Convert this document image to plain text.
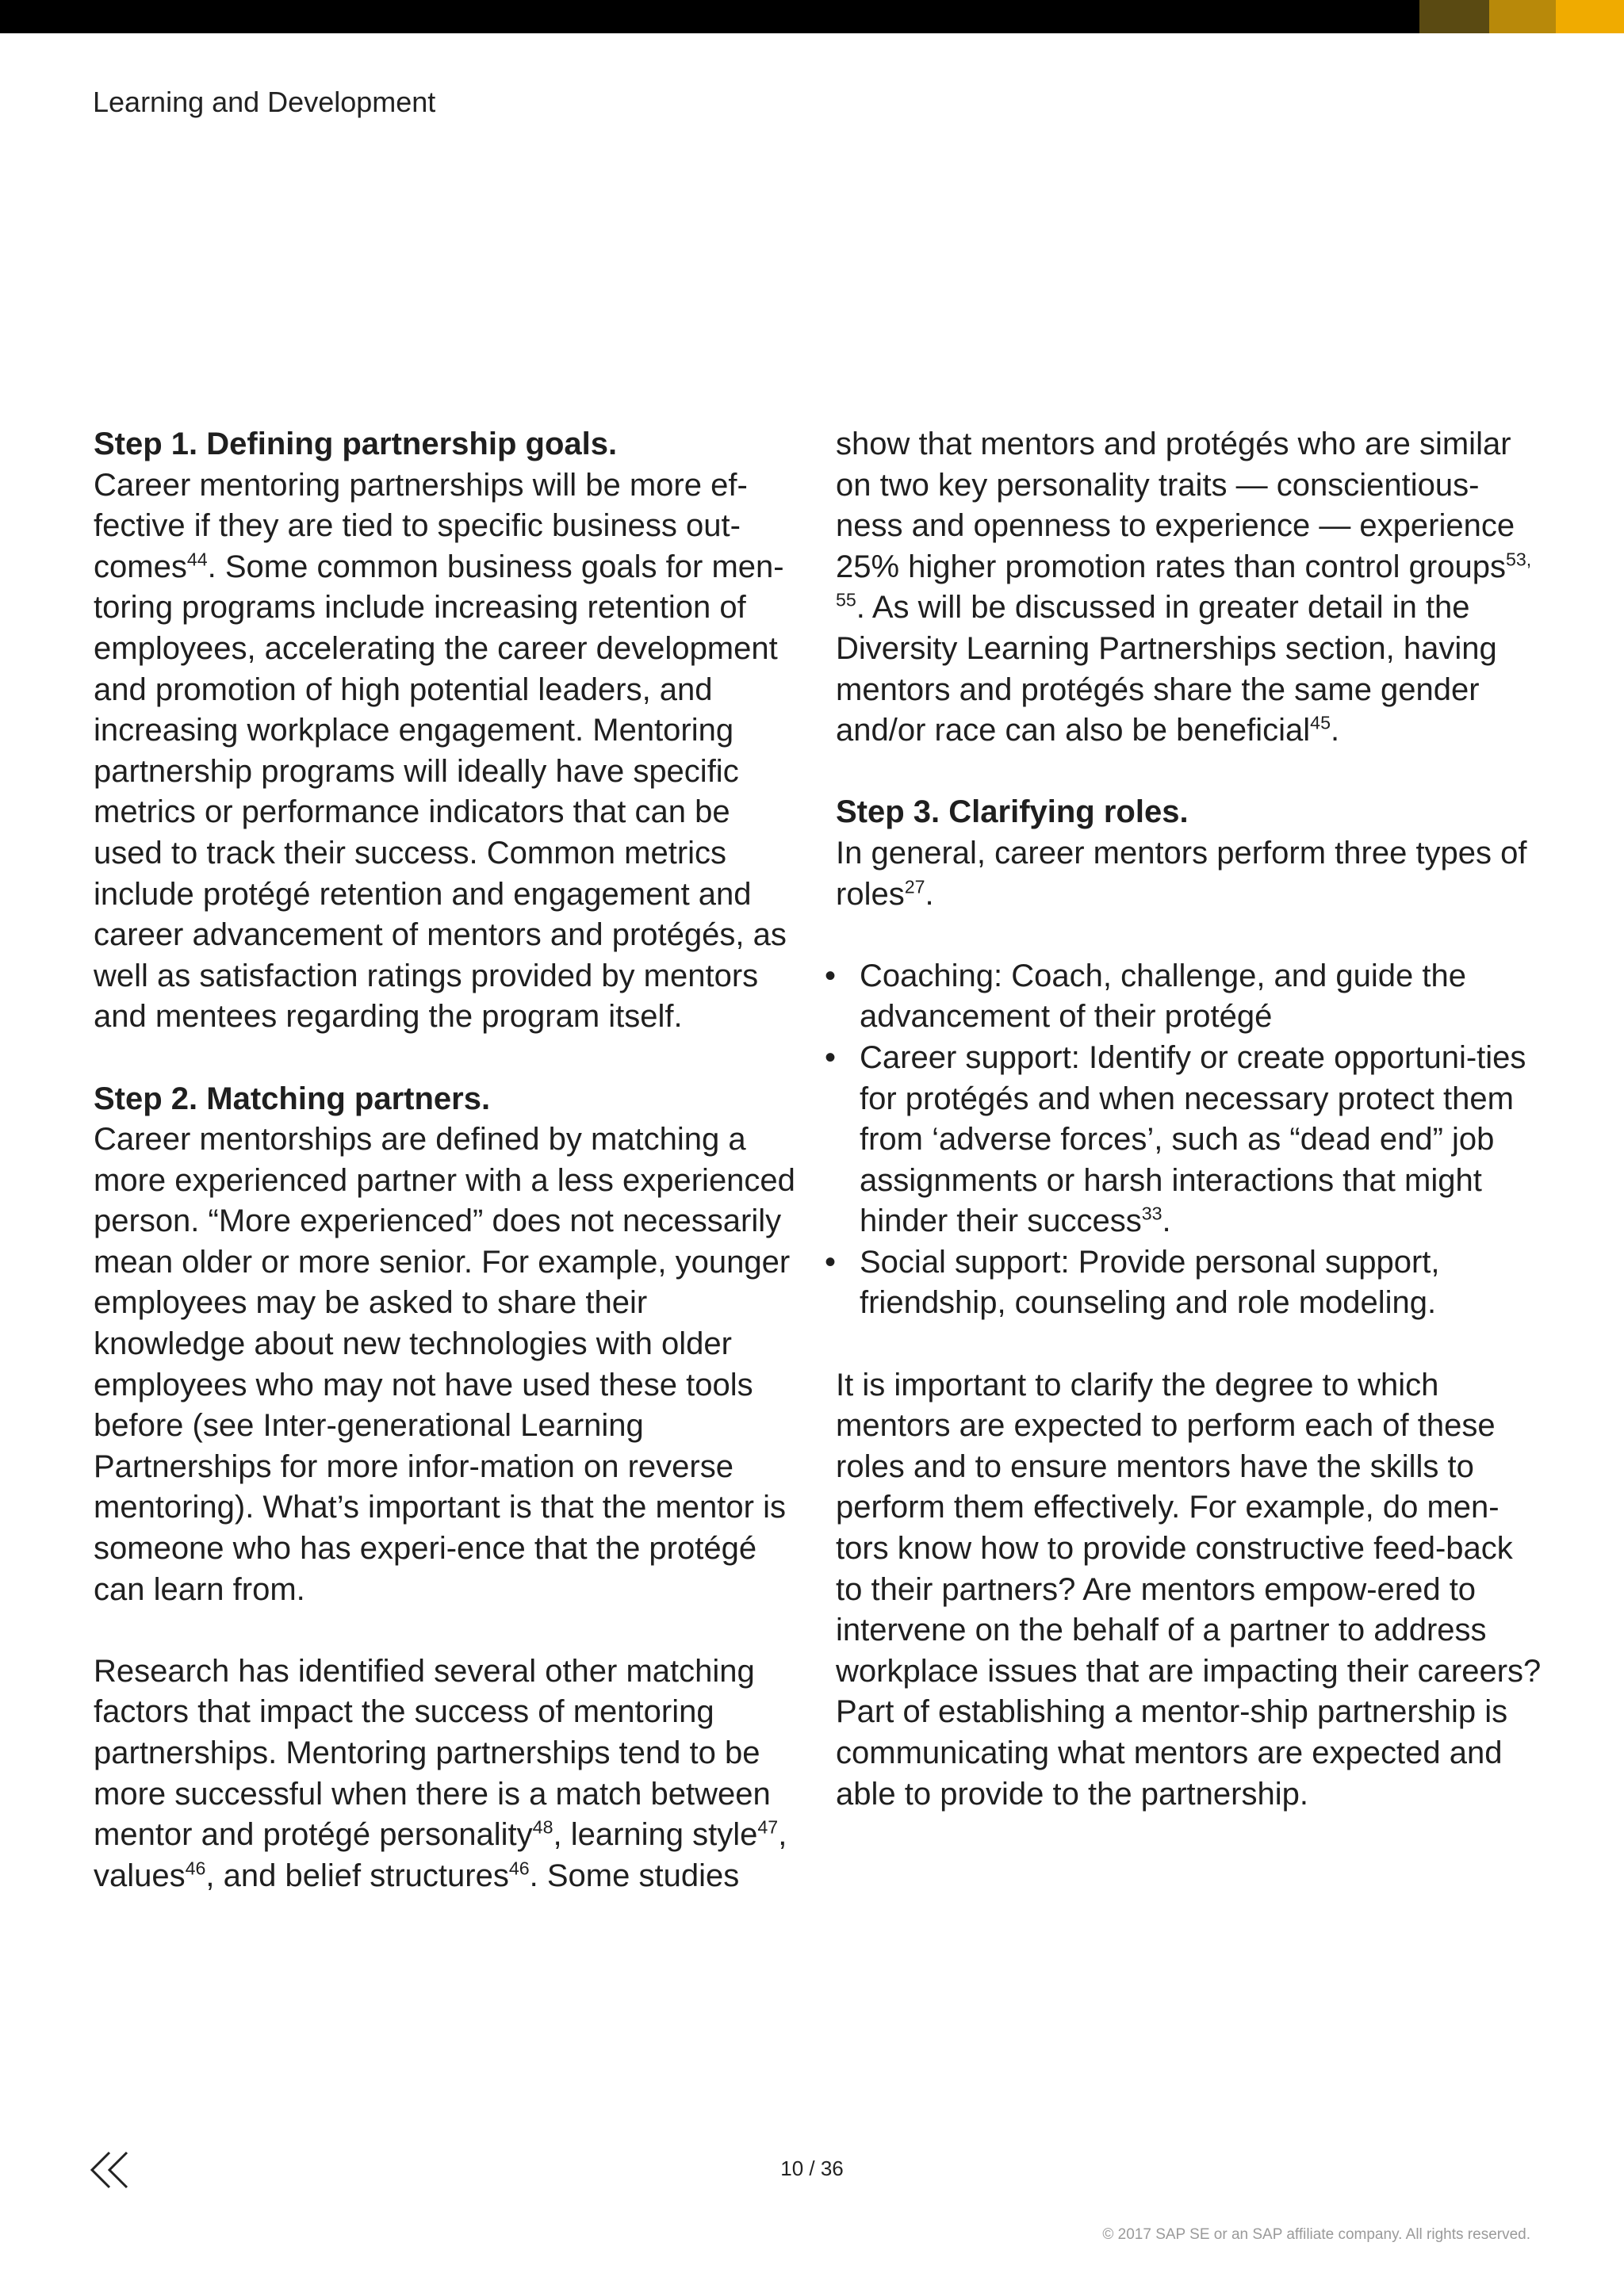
Learning and Development

Step 1. Defining partnership goals.

Career mentoring partnerships will be more ef-fective if they are tied to specific business out-comes$^{44}$. Some common business goals for men-toring programs include increasing retention of employees, accelerating the career development and promotion of high potential leaders, and increasing workplace engagement. Mentoring partnership programs will ideally have specific metrics or performance indicators that can be used to track their success. Common metrics include protégé retention and engagement and career advancement of mentors and protégés, as well as satisfaction ratings provided by mentors and mentees regarding the program itself.

Step 2. Matching partners.

Career mentorships are defined by matching a more experienced partner with a less experienced person. “More experienced” does not necessarily mean older or more senior. For example, younger employees may be asked to share their knowledge about new technologies with older employees who may not have used these tools before (see Inter-generational Learning Partnerships for more infor-mation on reverse mentoring). What’s important is that the mentor is someone who has experi-ence that the protégé can learn from.

Research has identified several other matching factors that impact the success of mentoring partnerships. Mentoring partnerships tend to be more successful when there is a match between mentor and protégé personality$^{48}$, learning style$^{47}$, values$^{46}$, and belief structures$^{46}$. Some studies

show that mentors and protégés who are similar on two key personality traits — conscientious-ness and openness to experience — experience 25% higher promotion rates than control groups$^{53, 55}$. As will be discussed in greater detail in the Diversity Learning Partnerships section, having mentors and protégés share the same gender and/or race can also be beneficial$^{45}$.

Step 3. Clarifying roles.

In general, career mentors perform three types of roles$^{27}$.

• Coaching: Coach, challenge, and guide the advancement of their protégé
• Career support: Identify or create opportuni-ties for protégés and when necessary protect them from ‘adverse forces’, such as “dead end” job assignments or harsh interactions that might hinder their success$^{33}$.
• Social support: Provide personal support, friendship, counseling and role modeling.

It is important to clarify the degree to which mentors are expected to perform each of these roles and to ensure mentors have the skills to perform them effectively. For example, do men-tors know how to provide constructive feed-back to their partners? Are mentors empow-ered to intervene on the behalf of a partner to address workplace issues that are impacting their careers? Part of establishing a mentor-ship partnership is communicating what mentors are expected and able to provide to the partnership.

10 / 36
© 2017 SAP SE or an SAP affiliate company. All rights reserved.
